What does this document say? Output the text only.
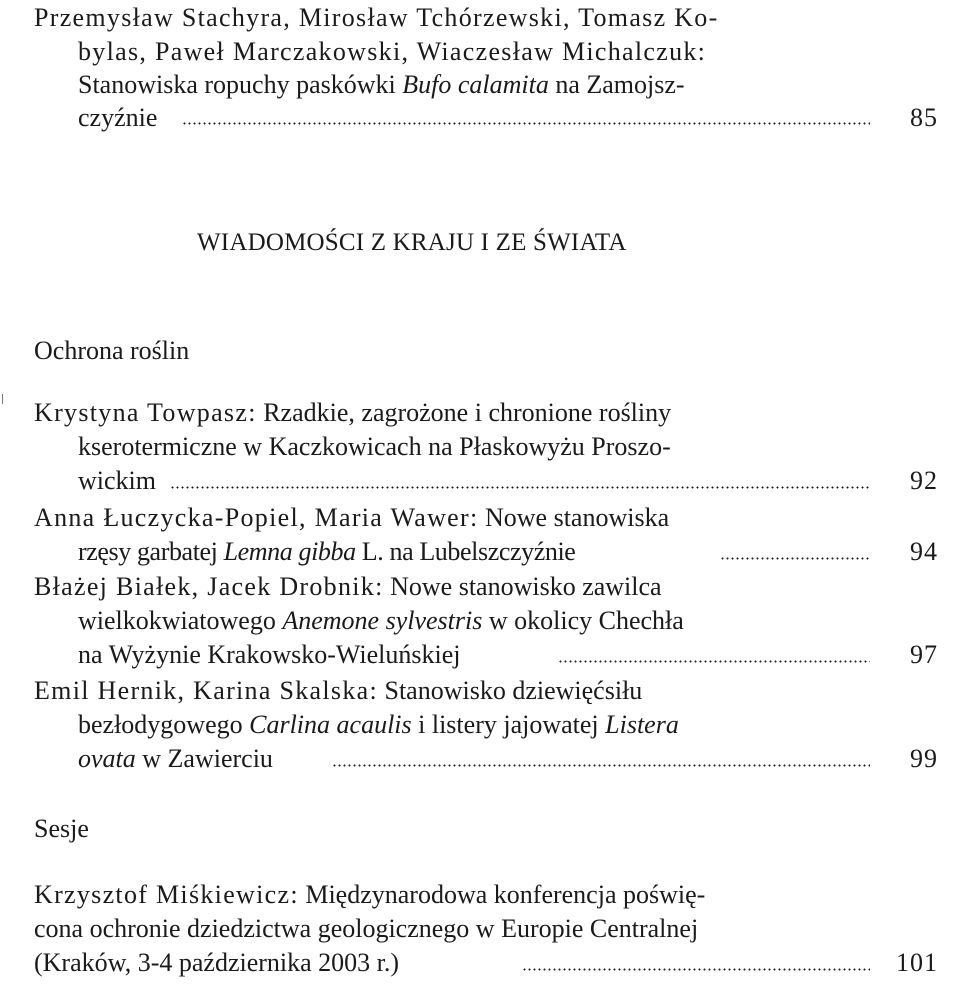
Przemysław Stachyra, Mirosław Tchórzewski, Tomasz Ko-
bylas, Paweł Marczakowski, Wiaczesław Michalczuk:
Stanowiska ropuchy paskówki Bufo calamita na Zamojsz-
czyźnie	85
WIADOMOŚCI Z KRAJU I ZE ŚWIATA
Ochrona roślin
Krystyna Towpasz: Rzadkie, zagrożone i chronione rośliny
kserotermiczne w Kaczkowicach na Płaskowyżu Proszo-
wickim	92
Anna Łuczycka-Popiel, Maria Wawer: Nowe stanowiska
rzęsy garbatej Lemna gibba L. na Lubelszczyźnie	94
Błażej Białek, Jacek Drobnik: Nowe stanowisko zawilca
wielkokwiatowego Anemone sylvestris w okolicy Chechła
na Wyżynie Krakowsko-Wieluńskiej	97
Emil Hernik, Karina Skalska: Stanowisko dziewięćsiłu
bezłodygowego Carlina acaulis i listery jajowatej Listera
ovata w Zawierciu	99
Sesje
Krzysztof Miśkiewicz: Międzynarodowa konferencja poświę-
cona ochronie dziedzictwa geologicznego w Europie Centralnej
(Kraków, 3-4 października 2003 r.)	101
